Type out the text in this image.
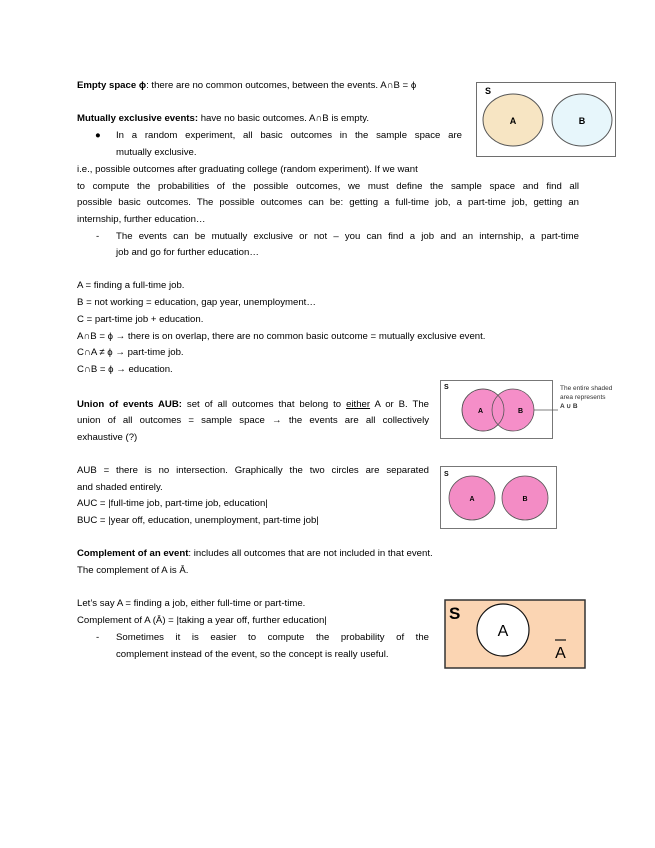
Empty space ϕ: there are no common outcomes, between the events. A∩B = ϕ
Mutually exclusive events: have no basic outcomes. A∩B is empty.
● In a random experiment, all basic outcomes in the sample space are
mutually exclusive.
i.e., possible outcomes after graduating college (random experiment). If we want
to compute the probabilities of the possible outcomes, we must define the sample space and find all
possible basic outcomes. The possible outcomes can be: getting a full-time job, a part-time job, getting an
internship, further education…
- The events can be mutually exclusive or not – you can find a job and an internship, a part-time
job and go for further education…
A = finding a full-time job.
B = not working = education, gap year, unemployment…
C = part-time job + education.
A∩B = ϕ → there is on overlap, there are no common basic outcome = mutually exclusive event.
C∩A ≠ ϕ → part-time job.
C∩B = ϕ → education.
Union of events AUB: set of all outcomes that belong to either A or B. The
union of all outcomes = sample space → the events are all collectively
exhaustive (?)
AUB = there is no intersection. Graphically the two circles are separated
and shaded entirely.
AUC = |full-time job, part-time job, education|
BUC = |year off, education, unemployment, part-time job|
Complement of an event: includes all outcomes that are not included in that event.
The complement of A is Ā.
Let’s say A = finding a job, either full-time or part-time.
Complement of A (Ā) = |taking a year off, further education|
- Sometimes it is easier to compute the probability of the
complement instead of the event, so the concept is really useful.
S
A	B
S
A	B
The entire shaded
area represents
A ∪ B
S
A	B
S
A
A
